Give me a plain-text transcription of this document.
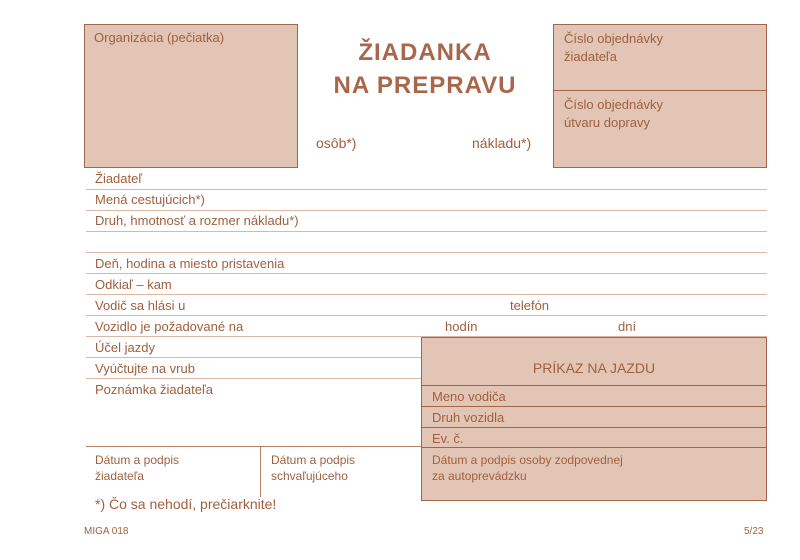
Organizácia (pečiatka)
ŽIADANKA
NA PREPRAVU
osôb*)	nákladu*)
Číslo objednávky
žiadateľa
Číslo objednávky
útvaru dopravy
Žiadateľ
Mená cestujúcich*)
Druh, hmotnosť a rozmer nákladu*)
Deň, hodina a miesto pristavenia
Odkiaľ – kam
Vodič sa hlási u	telefón
Vozidlo je požadované na	hodín	dní
Účel jazdy
Vyúčtujte na vrub
Poznámka žiadateľa
PRÍKAZ NA JAZDU
Meno vodiča
Druh vozidla
Ev. č.
Dátum a podpis osoby zodpovednej
za autoprevádzku
Dátum a podpis
žiadateľa
Dátum a podpis
schvaľujúceho
*) Čo sa nehodí, prečiarknite!
MIGA 018	5/23
